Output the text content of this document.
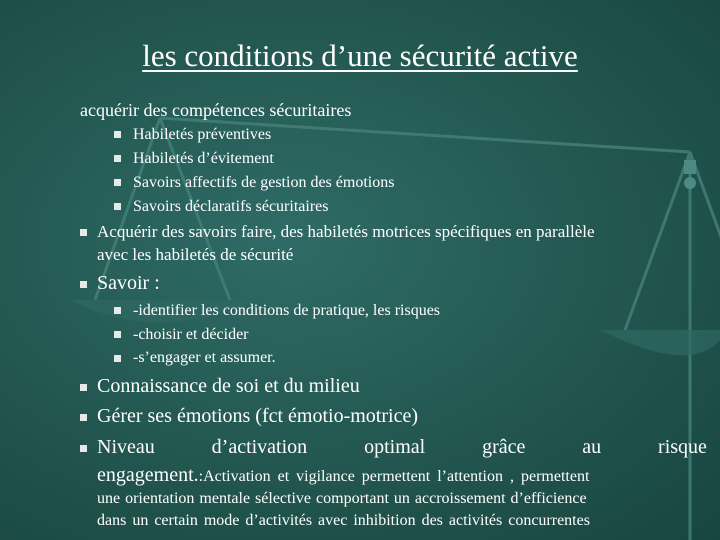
les conditions d’une sécurité active
acquérir des compétences sécuritaires
Habiletés préventives
Habiletés d’évitement
Savoirs affectifs de gestion des émotions
Savoirs déclaratifs sécuritaires
Acquérir des savoirs faire, des habiletés motrices spécifiques en parallèle
avec les habiletés de sécurité
Savoir :
-identifier les conditions de pratique, les risques
-choisir et décider
-s’engager et assumer.
Connaissance de soi et du milieu
Gérer ses émotions (fct émotio-motrice)
Niveau	d’activation	optimal	grâce	au	risque
engagement.:Activation et vigilance permettent l’attention , permettent
une orientation mentale sélective comportant un accroissement d’efficience
dans un certain mode d’activités avec inhibition des activités concurrentes
